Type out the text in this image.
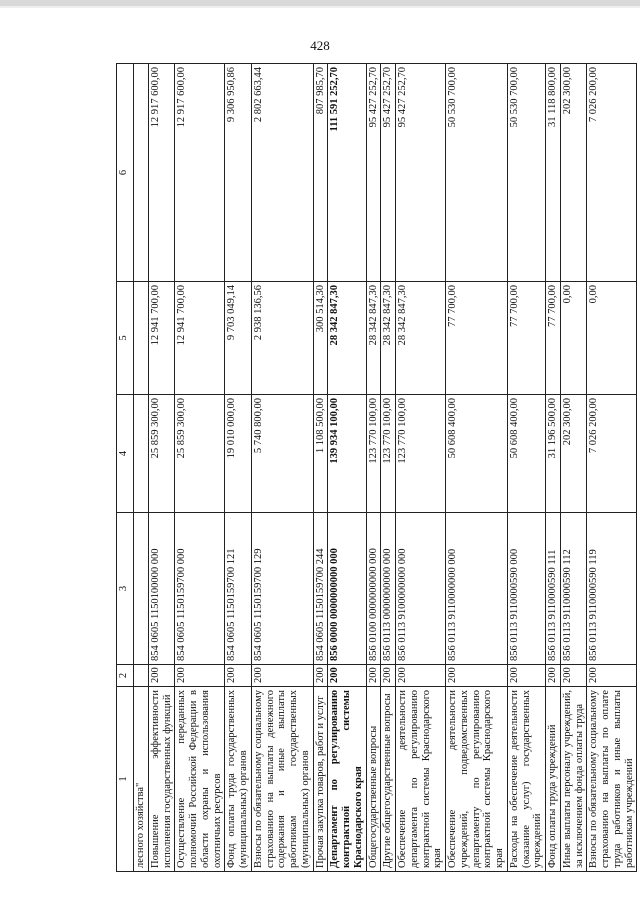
428
1	2	3	4	5	6
лесного хозяйства"					
Повышение эффективности исполнения государственных функций	200	854 0605 1150100000 000	25 859 300,00	12 941 700,00	12 917 600,00
Осуществление переданных полномочий Российской Федерации в области охраны и использования охотничьих ресурсов	200	854 0605 1150159700 000	25 859 300,00	12 941 700,00	12 917 600,00
Фонд оплаты труда государственных (муниципальных) органов	200	854 0605 1150159700 121	19 010 000,00	9 703 049,14	9 306 950,86
Взносы по обязательному социальному страхованию на выплаты денежного содержания и иные выплаты работникам государственных (муниципальных) органов	200	854 0605 1150159700 129	5 740 800,00	2 938 136,56	2 802 663,44
Прочая закупка товаров, работ и услуг	200	854 0605 1150159700 244	1 108 500,00	300 514,30	807 985,70
Департамент по регулированию контрактной системы Краснодарского края	200	856 0000 0000000000 000	139 934 100,00	28 342 847,30	111 591 252,70
Общегосударственные вопросы	200	856 0100 0000000000 000	123 770 100,00	28 342 847,30	95 427 252,70
Другие общегосударственные вопросы	200	856 0113 0000000000 000	123 770 100,00	28 342 847,30	95 427 252,70
Обеспечение деятельности департамента по регулированию контрактной системы Краснодарского края	200	856 0113 9100000000 000	123 770 100,00	28 342 847,30	95 427 252,70
Обеспечение деятельности учреждений, подведомственных департаменту по регулированию контрактной системы Краснодарского края	200	856 0113 9110000000 000	50 608 400,00	77 700,00	50 530 700,00
Расходы на обеспечение деятельности (оказание услуг) государственных учреждений	200	856 0113 9110000590 000	50 608 400,00	77 700,00	50 530 700,00
Фонд оплаты труда учреждений	200	856 0113 9110000590 111	31 196 500,00	77 700,00	31 118 800,00
Иные выплаты персоналу учреждений, за исключением фонда оплаты труда	200	856 0113 9110000590 112	202 300,00	0,00	202 300,00
Взносы по обязательному социальному страхованию на выплаты по оплате труда работников и иные выплаты работникам учреждений	200	856 0113 9110000590 119	7 026 200,00	0,00	7 026 200,00
